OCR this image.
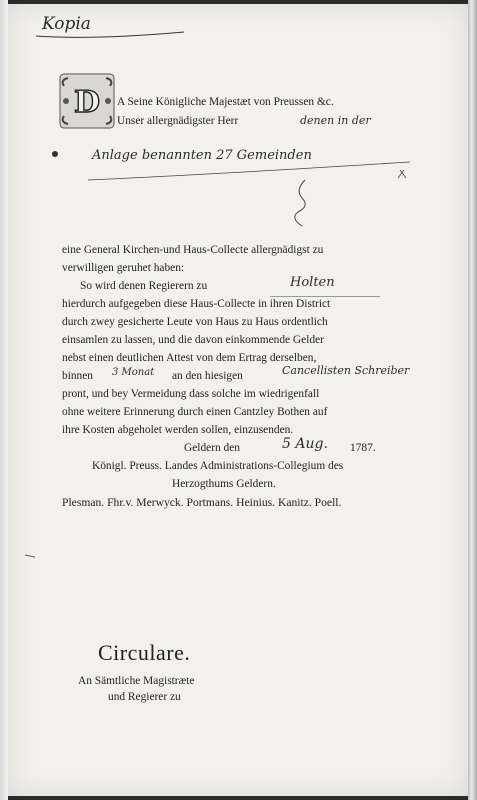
Kopia
D A Seine Königliche Majestæt von Preussen &c.
Unser allergnädigster Herr	denen in der
Anlage benannten 27 Gemeinden
eine General Kirchen-und Haus-Collecte allergnädigst zu
verwilligen geruhet haben:
So wird denen Regierern zu	Holten
hierdurch aufgegeben diese Haus-Collecte in ihren District
durch zwey gesicherte Leute von Haus zu Haus ordentlich
einsamlen zu lassen, und die davon einkommende Gelder
nebst einen deutlichen Attest von dem Ertrag derselben,
binnen 3 Monat an den hiesigen	Cancellisten Schreiber
pront, und bey Vermeidung dass solche im wiedrigenfall
ohne weitere Erinnerung durch einen Cantzley Bothen auf
ihre Kosten abgeholet werden sollen, einzusenden.
Geldern den	5 Aug. 1787.
Königl. Preuss. Landes Administrations-Collegium des
Herzogthums Geldern.
Plesman. Fhr.v. Merwyck. Portmans. Heinius. Kanitz. Poell.
Circulare.
An Sämtliche Magistræte
und Regierer zu
